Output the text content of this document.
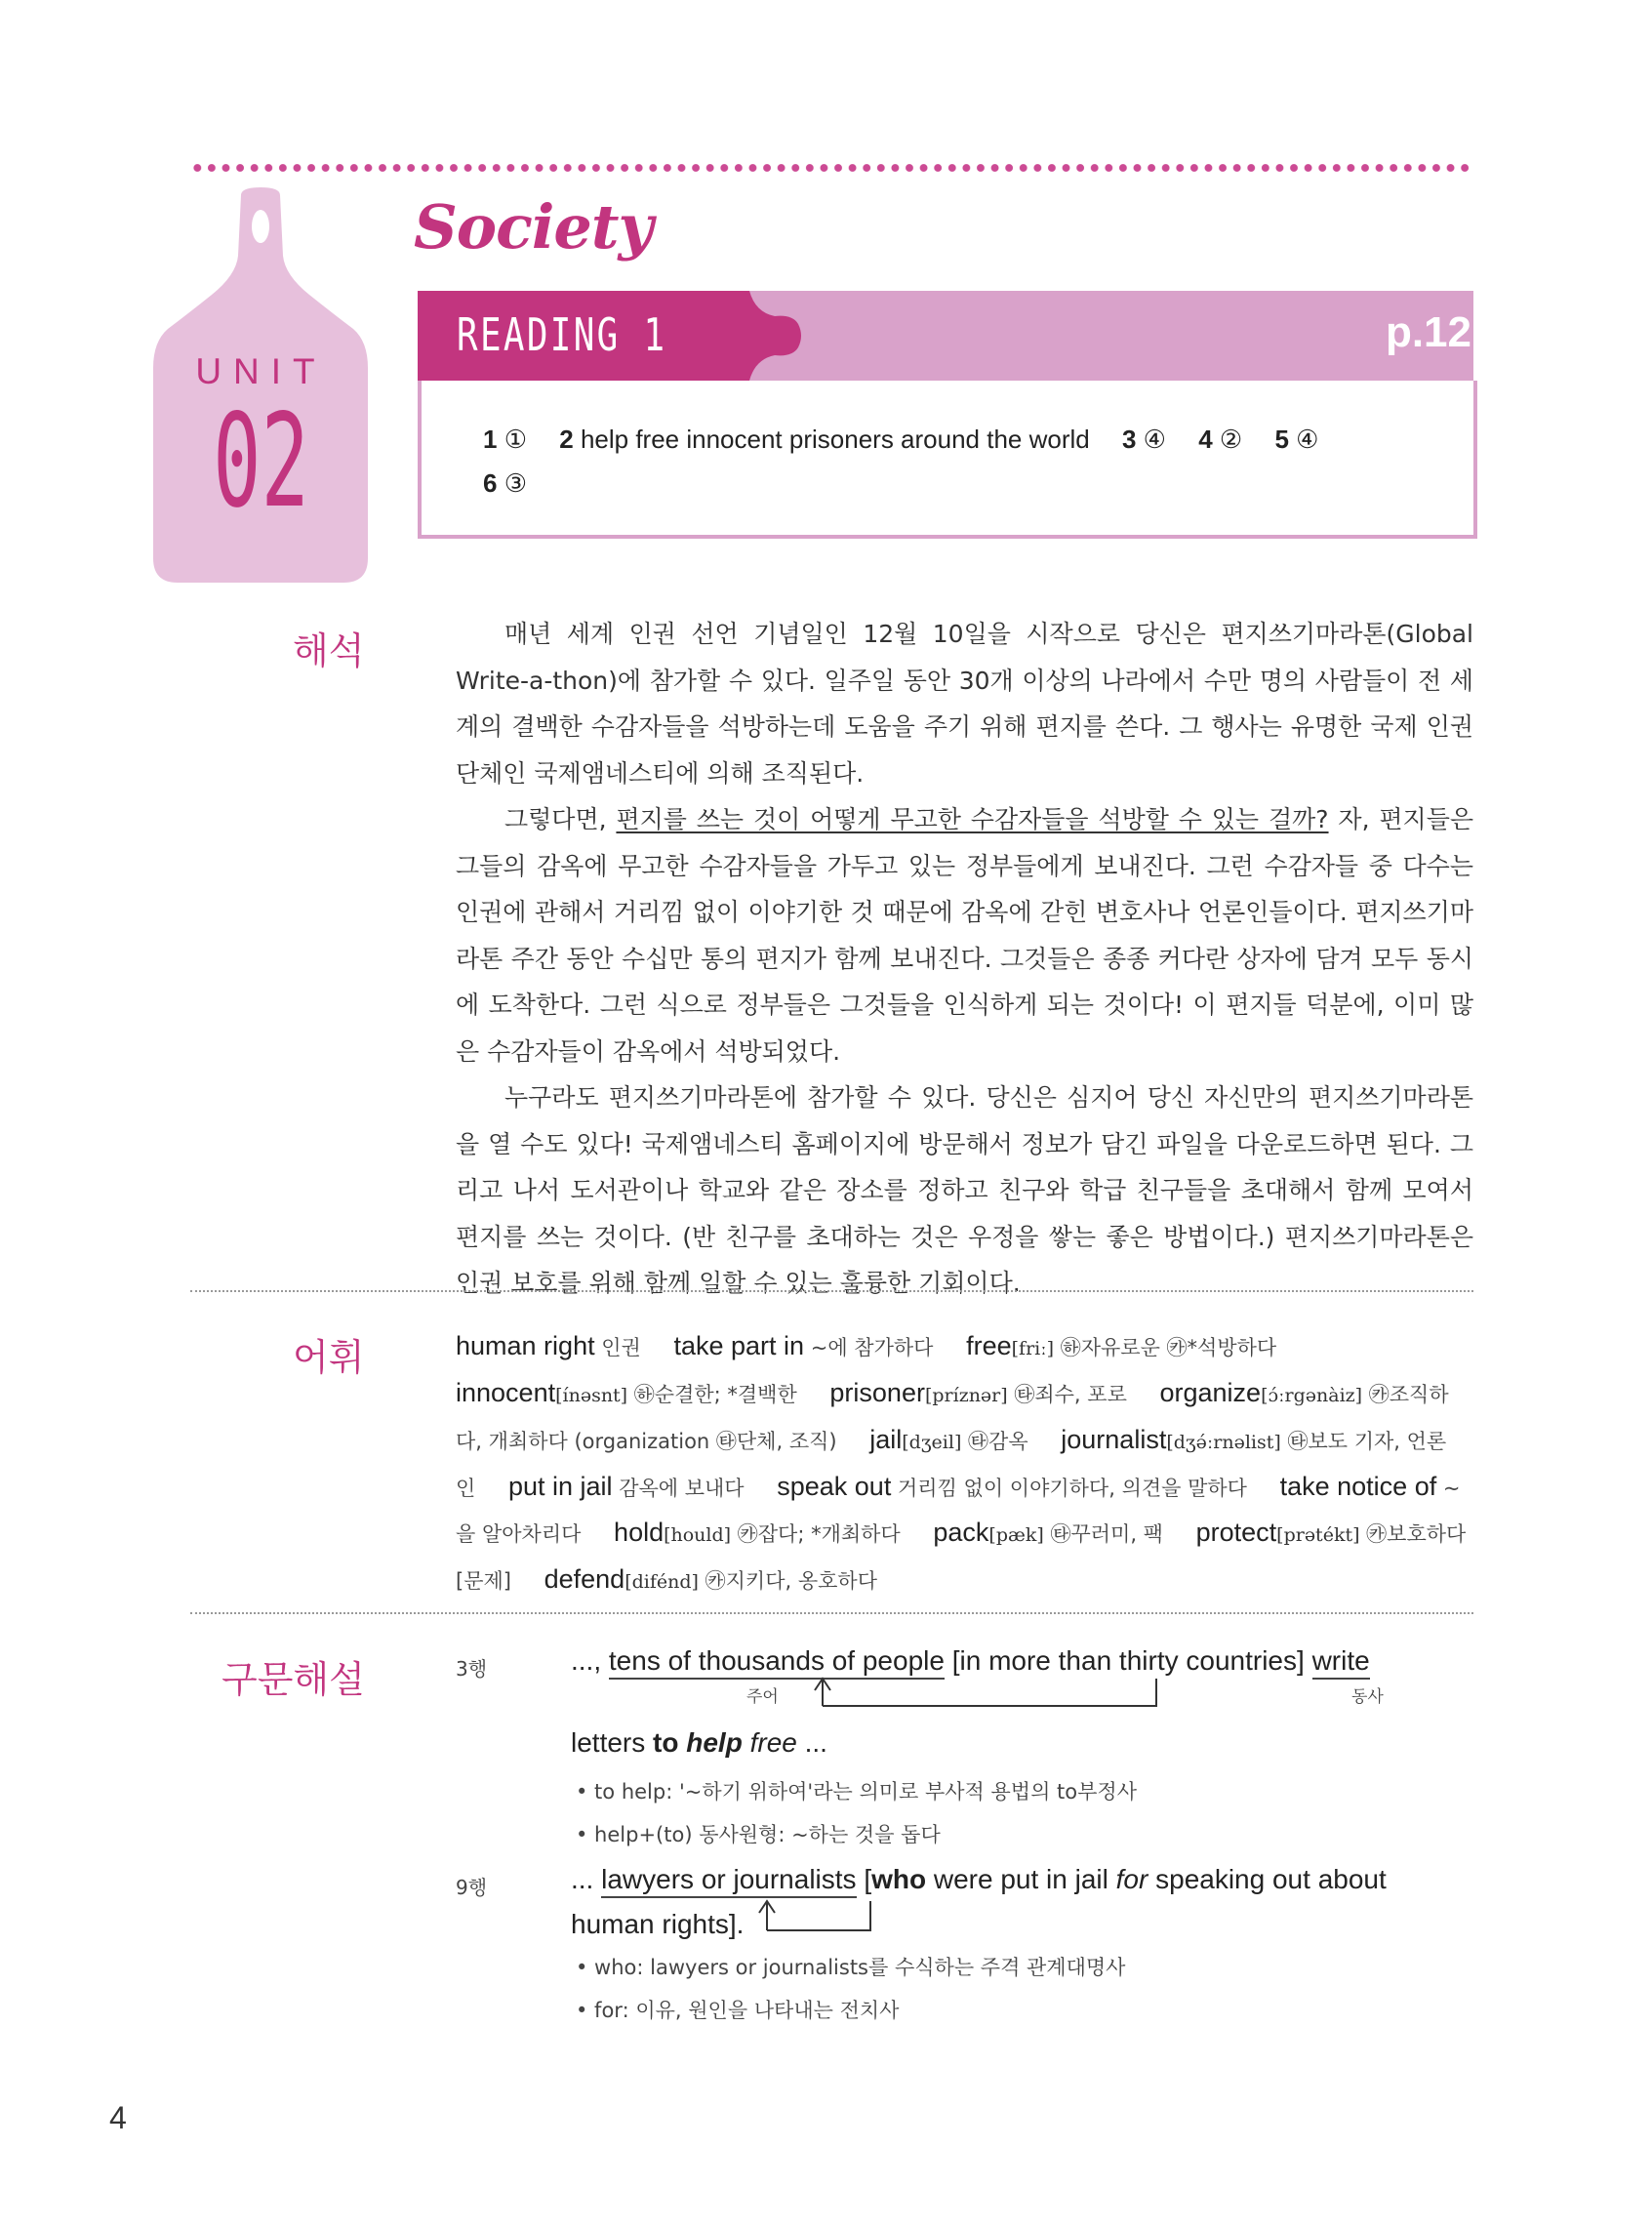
UNIT
02
Society
READING 1	p.12
1 ① 2 help free innocent prisoners around the world 3 ④ 4 ② 5 ④
6 ③
해석	매년 세계 인권 선언 기념일인 12월 10일을 시작으로 당신은 편지쓰기마라톤(Global Write-a-thon)에 참가할 수 있다. 일주일 동안 30개 이상의 나라에서 수만 명의 사람들이 전 세계의 결백한 수감자들을 석방하는데 도움을 주기 위해 편지를 쓴다. 그 행사는 유명한 국제 인권 단체인 국제앰네스티에 의해 조직된다.

그렇다면, 편지를 쓰는 것이 어떻게 무고한 수감자들을 석방할 수 있는 걸까? 자, 편지들은 그들의 감옥에 무고한 수감자들을 가두고 있는 정부들에게 보내진다. 그런 수감자들 중 다수는 인권에 관해서 거리낌 없이 이야기한 것 때문에 감옥에 갇힌 변호사나 언론인들이다. 편지쓰기마라톤 주간 동안 수십만 통의 편지가 함께 보내진다. 그것들은 종종 커다란 상자에 담겨 모두 동시에 도착한다. 그런 식으로 정부들은 그것들을 인식하게 되는 것이다! 이 편지들 덕분에, 이미 많은 수감자들이 감옥에서 석방되었다.

누구라도 편지쓰기마라톤에 참가할 수 있다. 당신은 심지어 당신 자신만의 편지쓰기마라톤을 열 수도 있다! 국제앰네스티 홈페이지에 방문해서 정보가 담긴 파일을 다운로드하면 된다. 그리고 나서 도서관이나 학교와 같은 장소를 정하고 친구와 학급 친구들을 초대해서 함께 모여서 편지를 쓰는 것이다. (반 친구를 초대하는 것은 우정을 쌓는 좋은 방법이다.) 편지쓰기마라톤은 인권 보호를 위해 함께 일할 수 있는 훌륭한 기회이다.

어휘	human right 인권 take part in ~에 참가하다 free[friː] ㉻자유로운 ㉸*석방하다 innocent[ínəsnt] ㉻순결한; *결백한 prisoner[príznər] ㉹죄수, 포로 organize[ɔ́ːrgənàiz] ㉸조직하다, 개최하다 (organization ㉹단체, 조직) jail[dʒeil] ㉹감옥 journalist[dʒə́ːrnəlist] ㉹보도 기자, 언론인 put in jail 감옥에 보내다 speak out 거리낌 없이 이야기하다, 의견을 말하다 take notice of ~을 알아차리다 hold[hould] ㉸잡다; *개최하다 pack[pæk] ㉹꾸러미, 팩 protect[prətékt] ㉸보호하다 [문제] defend[difénd] ㉸지키다, 옹호하다
구문해설	3행	..., tens of thousands of people [in more than thirty countries] write
주어	동사
letters to help free ...
• to help: '~하기 위하여'라는 의미로 부사적 용법의 to부정사
• help+(to) 동사원형: ~하는 것을 돕다
9행	... lawyers or journalists [who were put in jail for speaking out about
human rights].
• who: lawyers or journalists를 수식하는 주격 관계대명사
• for: 이유, 원인을 나타내는 전치사
4
